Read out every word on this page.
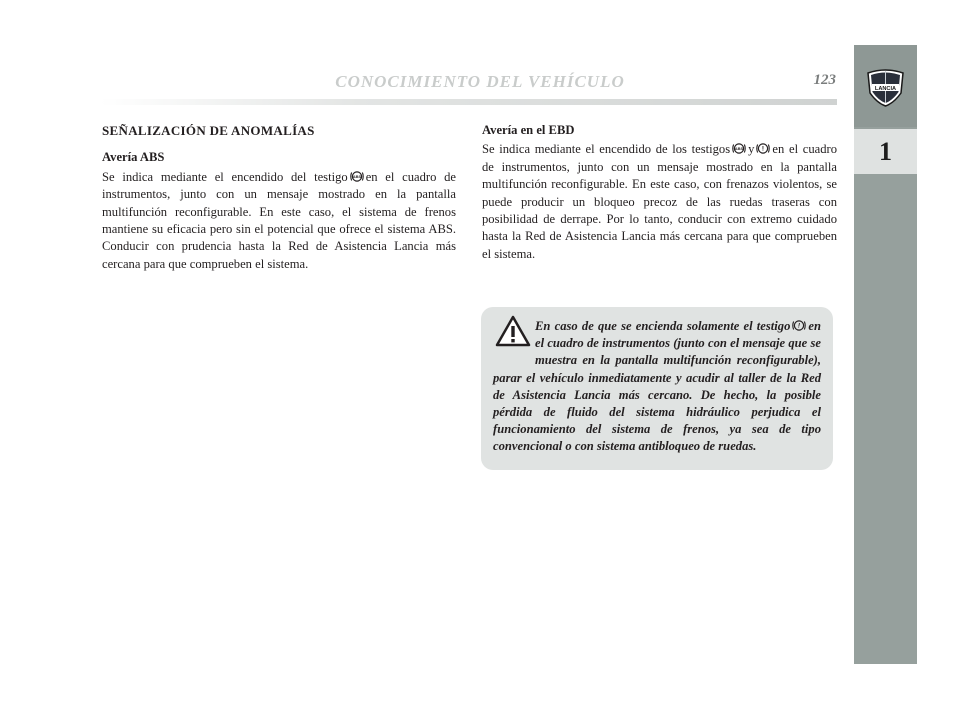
CONOCIMIENTO DEL VEHÍCULO	123
LANCIA
1

SEÑALIZACIÓN DE ANOMALÍAS

Avería ABS

Se indica mediante el encendido del testigo ABS en el cuadro de instrumentos, junto con un mensaje mostrado en la pantalla multifunción reconfigurable. En este caso, el sistema de frenos mantiene su eficacia pero sin el potencial que ofrece el sistema ABS. Conducir con prudencia hasta la Red de Asistencia Lancia más cercana para que comprueben el sistema.

Avería en el EBD

Se indica mediante el encendido de los testigos ABS y ! en el cuadro de instrumentos, junto con un mensaje mostrado en la pantalla multifunción reconfigurable. En este caso, con frenazos violentos, se puede producir un bloqueo precoz de las ruedas traseras con posibilidad de derrape. Por lo tanto, conducir con extremo cuidado hasta la Red de Asistencia Lancia más cercana para que comprueben el sistema.

En caso de que se encienda solamente el testigo ! en el cuadro de instrumentos (junto con el mensaje que se muestra en la pantalla multifunción reconfigurable), parar el vehículo inmediatamente y acudir al taller de la Red de Asistencia Lancia más cercano. De hecho, la posible pérdida de fluido del sistema hidráulico perjudica el funcionamiento del sistema de frenos, ya sea de tipo convencional o con sistema antibloqueo de ruedas.
